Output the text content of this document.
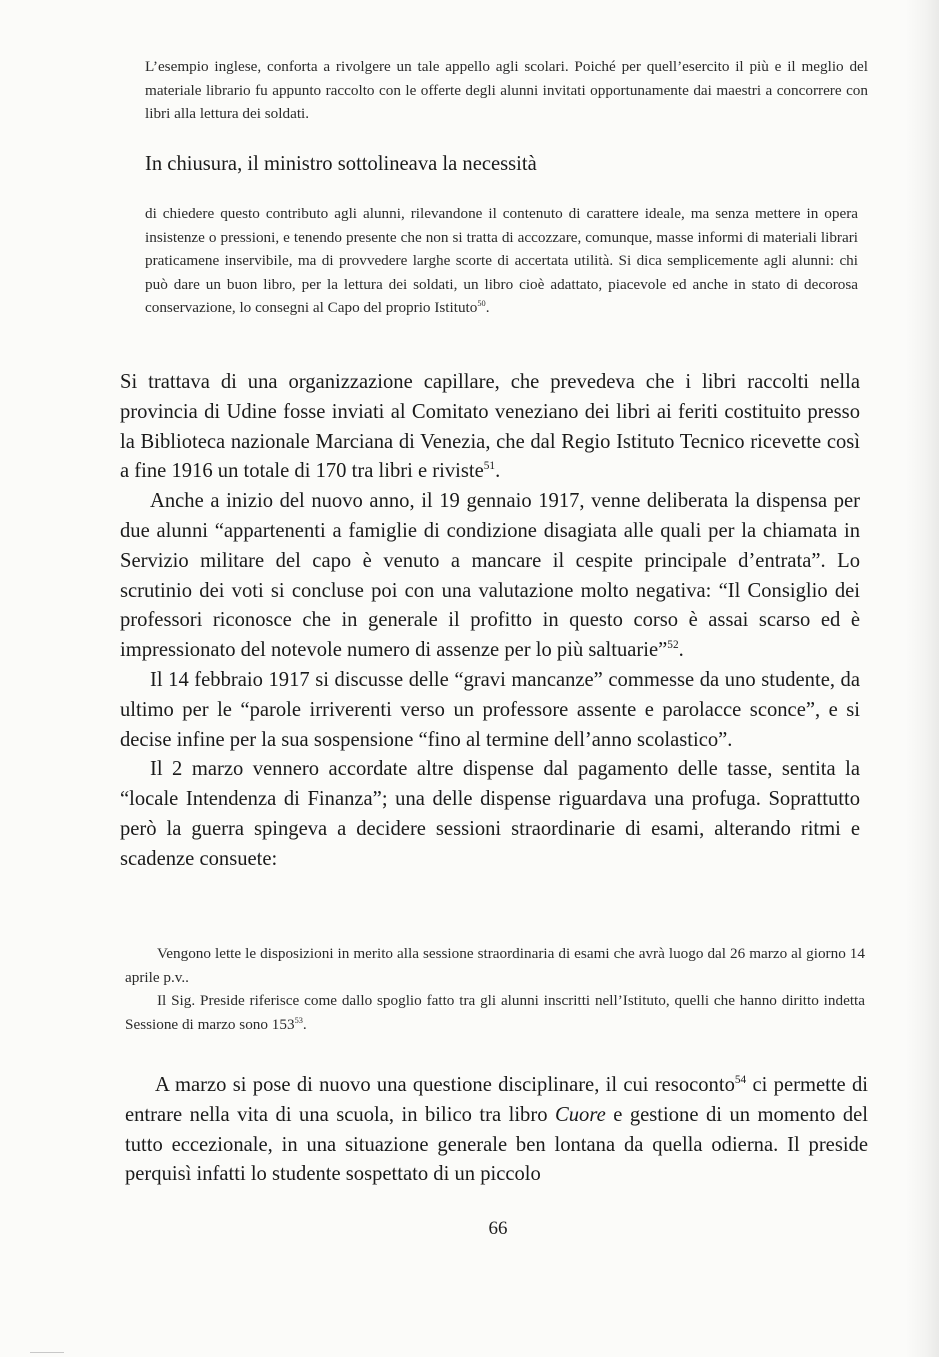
L’esempio inglese, conforta a rivolgere un tale appello agli scolari. Poiché per quell’esercito il più e il meglio del materiale librario fu appunto raccolto con le offerte degli alunni invitati opportunamente dai maestri a concorrere con libri alla lettura dei soldati.

In chiusura, il ministro sottolineava la necessità

di chiedere questo contributo agli alunni, rilevandone il contenuto di carattere ideale, ma senza mettere in opera insistenze o pressioni, e tenendo presente che non si tratta di accozzare, comunque, masse informi di materiali librari praticamene inservibile, ma di provvedere larghe scorte di accertata utilità. Si dica semplicemente agli alunni: chi può dare un buon libro, per la lettura dei soldati, un libro cioè adattato, piacevole ed anche in stato di decorosa conservazione, lo consegni al Capo del proprio Istituto$^{50}$.

Si trattava di una organizzazione capillare, che prevedeva che i libri raccolti nella provincia di Udine fosse inviati al Comitato veneziano dei libri ai feriti costituito presso la Biblioteca nazionale Marciana di Venezia, che dal Regio Istituto Tecnico ricevette così a fine 1916 un totale di 170 tra libri e riviste$^{51}$.

Anche a inizio del nuovo anno, il 19 gennaio 1917, venne deliberata la dispensa per due alunni “appartenenti a famiglie di condizione disagiata alle quali per la chiamata in Servizio militare del capo è venuto a mancare il cespite principale d’entrata”. Lo scrutinio dei voti si concluse poi con una valutazione molto negativa: “Il Consiglio dei professori riconosce che in generale il profitto in questo corso è assai scarso ed è impressionato del notevole numero di assenze per lo più saltuarie”$^{52}$.

Il 14 febbraio 1917 si discusse delle “gravi mancanze” commesse da uno studente, da ultimo per le “parole irriverenti verso un professore assente e parolacce sconce”, e si decise infine per la sua sospensione “fino al termine dell’anno scolastico”.

Il 2 marzo vennero accordate altre dispense dal pagamento delle tasse, sentita la “locale Intendenza di Finanza”; una delle dispense riguardava una profuga. Soprattutto però la guerra spingeva a decidere sessioni straordinarie di esami, alterando ritmi e scadenze consuete:

Vengono lette le disposizioni in merito alla sessione straordinaria di esami che avrà luogo dal 26 marzo al giorno 14 aprile p.v..

Il Sig. Preside riferisce come dallo spoglio fatto tra gli alunni inscritti nell’Istituto, quelli che hanno diritto indetta Sessione di marzo sono $153^{53}$.

A marzo si pose di nuovo una questione disciplinare, il cui resoconto$^{54}$ ci permette di entrare nella vita di una scuola, in bilico tra libro Cuore e gestione di un momento del tutto eccezionale, in una situazione generale ben lontana da quella odierna. Il preside perquisì infatti lo studente sospettato di un piccolo

66
